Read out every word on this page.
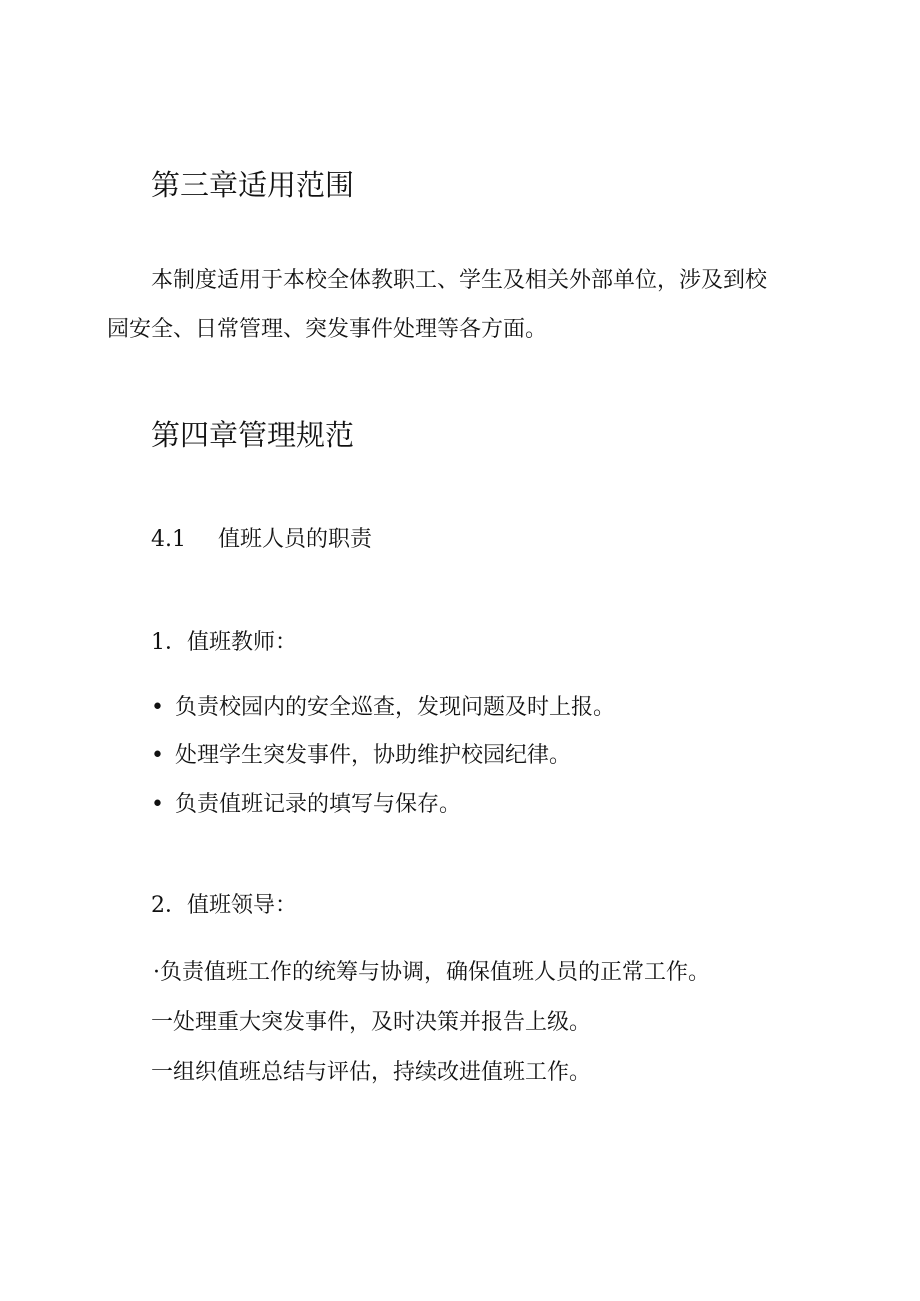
第三章适用范围
本制度适用于本校全体教职工、学生及相关外部单位，涉及到校
园安全、日常管理、突发事件处理等各方面。
第四章管理规范
4.1 值班人员的职责
1．值班教师：
• 负责校园内的安全巡查，发现问题及时上报。
• 处理学生突发事件，协助维护校园纪律。
• 负责值班记录的填写与保存。
2．值班领导：
·负责值班工作的统筹与协调，确保值班人员的正常工作。
一处理重大突发事件，及时决策并报告上级。
一组织值班总结与评估，持续改进值班工作。
